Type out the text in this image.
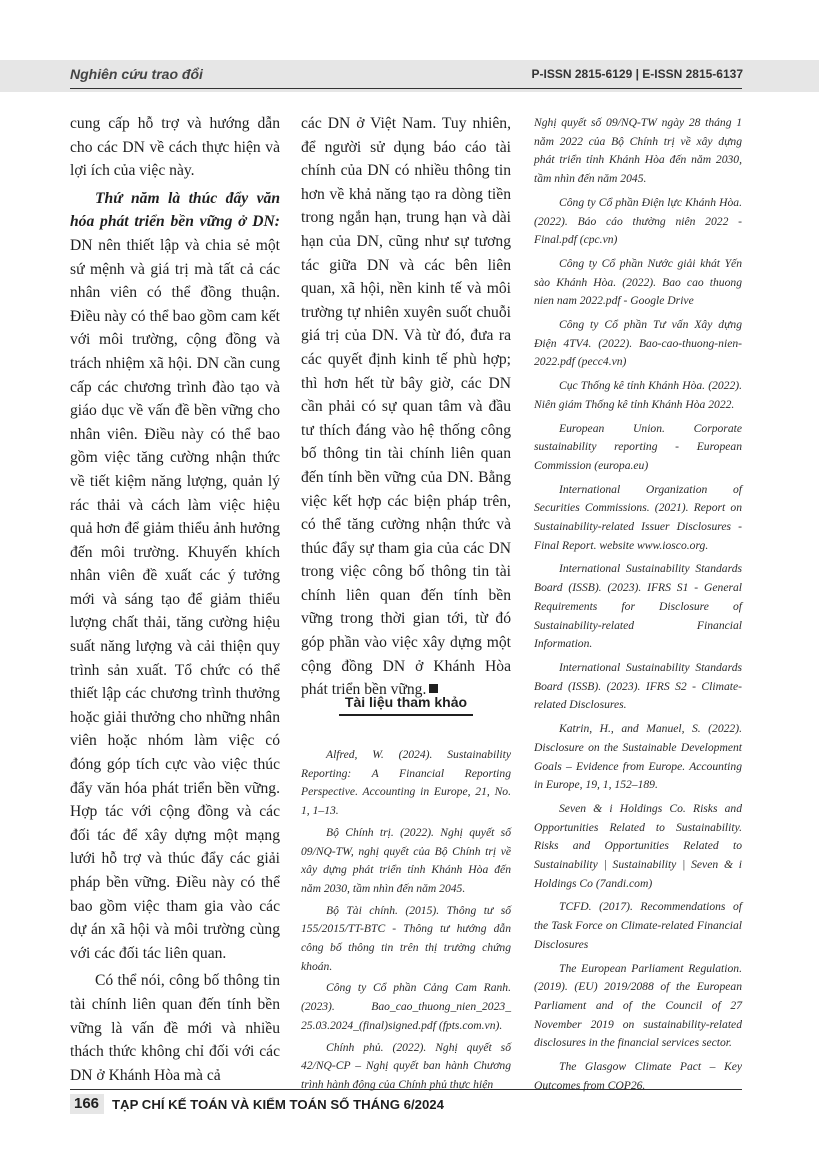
Nghiên cứu trao đổi	P-ISSN 2815-6129 | E-ISSN 2815-6137

cung cấp hỗ trợ và hướng dẫn cho các DN về cách thực hiện và lợi ích của việc này.

Thứ năm là thúc đẩy văn hóa phát triển bền vững ở DN: DN nên thiết lập và chia sẻ một sứ mệnh và giá trị mà tất cả các nhân viên có thể đồng thuận. Điều này có thể bao gồm cam kết với môi trường, cộng đồng và trách nhiệm xã hội. DN cần cung cấp các chương trình đào tạo và giáo dục về vấn đề bền vững cho nhân viên. Điều này có thể bao gồm việc tăng cường nhận thức về tiết kiệm năng lượng, quản lý rác thải và cách làm việc hiệu quả hơn để giảm thiểu ảnh hưởng đến môi trường. Khuyến khích nhân viên đề xuất các ý tưởng mới và sáng tạo để giảm thiểu lượng chất thải, tăng cường hiệu suất năng lượng và cải thiện quy trình sản xuất. Tổ chức có thể thiết lập các chương trình thưởng hoặc giải thưởng cho những nhân viên hoặc nhóm làm việc có đóng góp tích cực vào việc thúc đẩy văn hóa phát triển bền vững. Hợp tác với cộng đồng và các đối tác để xây dựng một mạng lưới hỗ trợ và thúc đẩy các giải pháp bền vững. Điều này có thể bao gồm việc tham gia vào các dự án xã hội và môi trường cùng với các đối tác liên quan.

Có thể nói, công bố thông tin tài chính liên quan đến tính bền vững là vấn đề mới và nhiều thách thức không chỉ đối với các DN ở Khánh Hòa mà cả

các DN ở Việt Nam. Tuy nhiên, để người sử dụng báo cáo tài chính của DN có nhiều thông tin hơn về khả năng tạo ra dòng tiền trong ngắn hạn, trung hạn và dài hạn của DN, cũng như sự tương tác giữa DN và các bên liên quan, xã hội, nền kinh tế và môi trường tự nhiên xuyên suốt chuỗi giá trị của DN. Và từ đó, đưa ra các quyết định kinh tế phù hợp; thì hơn hết từ bây giờ, các DN cần phải có sự quan tâm và đầu tư thích đáng vào hệ thống công bố thông tin tài chính liên quan đến tính bền vững của DN. Bằng việc kết hợp các biện pháp trên, có thể tăng cường nhận thức và thúc đẩy sự tham gia của các DN trong việc công bố thông tin tài chính liên quan đến tính bền vững trong thời gian tới, từ đó góp phần vào việc xây dựng một cộng đồng DN ở Khánh Hòa phát triển bền vững.

Tài liệu tham khảo

Alfred, W. (2024). Sustainability Reporting: A Financial Reporting Perspective. Accounting in Europe, 21, No. 1, 1–13.

Bộ Chính trị. (2022). Nghị quyết số 09/NQ-TW, nghị quyết của Bộ Chính trị về xây dựng phát triển tỉnh Khánh Hòa đến năm 2030, tầm nhìn đến năm 2045.

Bộ Tài chính. (2015). Thông tư số 155/2015/TT-BTC - Thông tư hướng dẫn công bố thông tin trên thị trường chứng khoán.

Công ty Cổ phần Cảng Cam Ranh. (2023). Bao_cao_thuong_nien_2023_ 25.03.2024_(final)signed.pdf (fpts.com.vn).

Chính phủ. (2022). Nghị quyết số 42/NQ-CP – Nghị quyết ban hành Chương trình hành động của Chính phủ thực hiện

Nghị quyết số 09/NQ-TW ngày 28 tháng 1 năm 2022 của Bộ Chính trị về xây dựng phát triển tỉnh Khánh Hòa đến năm 2030, tầm nhìn đến năm 2045.

Công ty Cổ phần Điện lực Khánh Hòa. (2022). Báo cáo thường niên 2022 - Final.pdf (cpc.vn)

Công ty Cổ phần Nước giải khát Yến sào Khánh Hòa. (2022). Bao cao thuong nien nam 2022.pdf - Google Drive

Công ty Cổ phần Tư vấn Xây dựng Điện 4TV4. (2022). Bao-cao-thuong-nien-2022.pdf (pecc4.vn)

Cục Thống kê tỉnh Khánh Hòa. (2022). Niên giám Thống kê tỉnh Khánh Hòa 2022.

European Union. Corporate sustainability reporting - European Commission (europa.eu)

International Organization of Securities Commissions. (2021). Report on Sustainability-related Issuer Disclosures - Final Report. website www.iosco.org.

International Sustainability Standards Board (ISSB). (2023). IFRS S1 - General Requirements for Disclosure of Sustainability-related Financial Information.

International Sustainability Standards Board (ISSB). (2023). IFRS S2 - Climate-related Disclosures.

Katrin, H., and Manuel, S. (2022). Disclosure on the Sustainable Development Goals – Evidence from Europe. Accounting in Europe, 19, 1, 152–189.

Seven & i Holdings Co. Risks and Opportunities Related to Sustainability. Risks and Opportunities Related to Sustainability | Sustainability | Seven & i Holdings Co (7andi.com)

TCFD. (2017). Recommendations of the Task Force on Climate-related Financial Disclosures

The European Parliament Regulation. (2019). (EU) 2019/2088 of the European Parliament and of the Council of 27 November 2019 on sustainability-related disclosures in the financial services sector.

The Glasgow Climate Pact – Key Outcomes from COP26.

166 TẠP CHÍ KẾ TOÁN VÀ KIỂM TOÁN SỐ THÁNG 6/2024
